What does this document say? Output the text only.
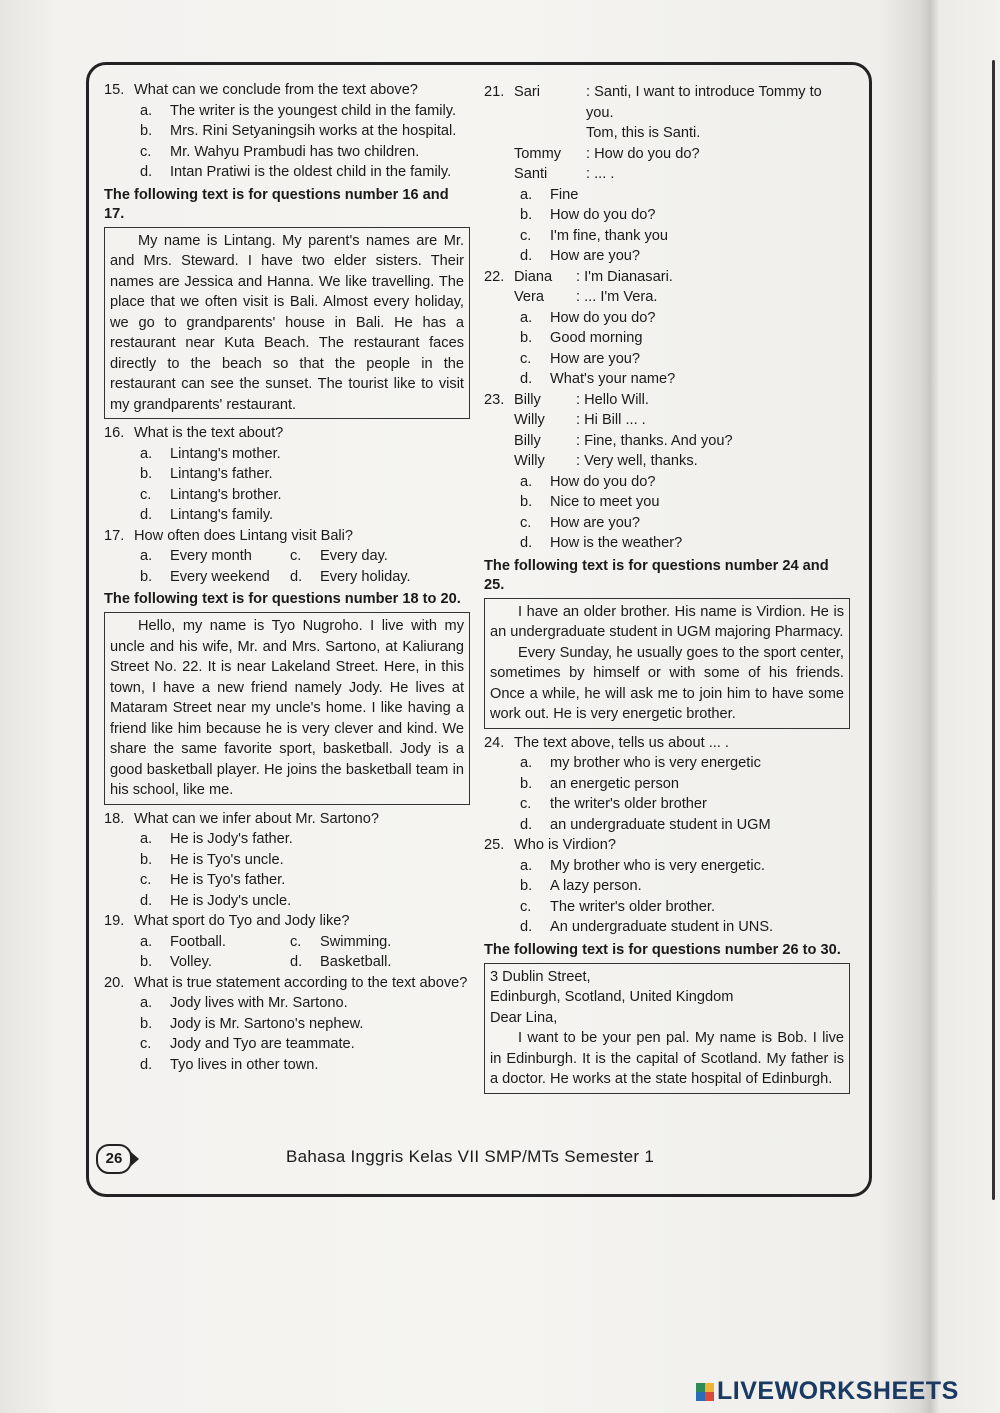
15. What can we conclude from the text above?
a.	The writer is the youngest child in the family.
b.	Mrs. Rini Setyaningsih works at the hospital.
c.	Mr. Wahyu Prambudi has two children.
d.	Intan Pratiwi is the oldest child in the family.
The following text is for questions number 16 and 17.

My name is Lintang. My parent's names are Mr. and Mrs. Steward. I have two elder sisters. Their names are Jessica and Hanna. We like travelling. The place that we often visit is Bali. Almost every holiday, we go to grandparents' house in Bali. He has a restaurant near Kuta Beach. The restaurant faces directly to the beach so that the people in the restaurant can see the sunset. The tourist like to visit my grandparents' restaurant.

16. What is the text about?
a.	Lintang's mother.
b.	Lintang's father.
c.	Lintang's brother.
d.	Lintang's family.
17. How often does Lintang visit Bali?
a.	Every month	c.	Every day.
b.	Every weekend d.	Every holiday.
The following text is for questions number 18 to 20.

Hello, my name is Tyo Nugroho. I live with my uncle and his wife, Mr. and Mrs. Sartono, at Kaliurang Street No. 22. It is near Lakeland Street. Here, in this town, I have a new friend namely Jody. He lives at Mataram Street near my uncle's home. I like having a friend like him because he is very clever and kind. We share the same favorite sport, basketball. Jody is a good basketball player. He joins the basketball team in his school, like me.

18. What can we infer about Mr. Sartono?
a.	He is Jody's father.
b.	He is Tyo's uncle.
c.	He is Tyo's father.
d.	He is Jody's uncle.
19. What sport do Tyo and Jody like?
a.	Football.	c.	Swimming.
b.	Volley.	d.	Basketball.
20. What is true statement according to the text above?
a.	Jody lives with Mr. Sartono.
b.	Jody is Mr. Sartono's nephew.
c.	Jody and Tyo are teammate.
d.	Tyo lives in other town.
21. Sari	: Santi, I want to introduce Tommy to you.
Tom, this is Santi.
Tommy	: How do you do?
Santi	: ... .
a.	Fine
b.	How do you do?
c.	I'm fine, thank you
d.	How are you?
22. Diana	: I'm Dianasari.
Vera	: ... I'm Vera.
a.	How do you do?
b.	Good morning
c.	How are you?
d.	What's your name?
23. Billy	: Hello Will.
Willy	: Hi Bill ... .
Billy	: Fine, thanks. And you?
Willy	: Very well, thanks.
a.	How do you do?
b.	Nice to meet you
c.	How are you?
d.	How is the weather?
The following text is for questions number 24 and 25.

I have an older brother. His name is Virdion. He is an undergraduate student in UGM majoring Pharmacy.

Every Sunday, he usually goes to the sport center, sometimes by himself or with some of his friends. Once a while, he will ask me to join him to have some work out. He is very energetic brother.

24. The text above, tells us about ... .
a.	my brother who is very energetic
b.	an energetic person
c.	the writer's older brother
d.	an undergraduate student in UGM
25. Who is Virdion?
a.	My brother who is very energetic.
b.	A lazy person.
c.	The writer's older brother.
d.	An undergraduate student in UNS.
The following text is for questions number 26 to 30.

3 Dublin Street,

Edinburgh, Scotland, United Kingdom

Dear Lina,

I want to be your pen pal. My name is Bob. I live in Edinburgh. It is the capital of Scotland. My father is a doctor. He works at the state hospital of Edinburgh.

26	Bahasa Inggris Kelas VII SMP/MTs Semester 1
LIVEWORKSHEETS
